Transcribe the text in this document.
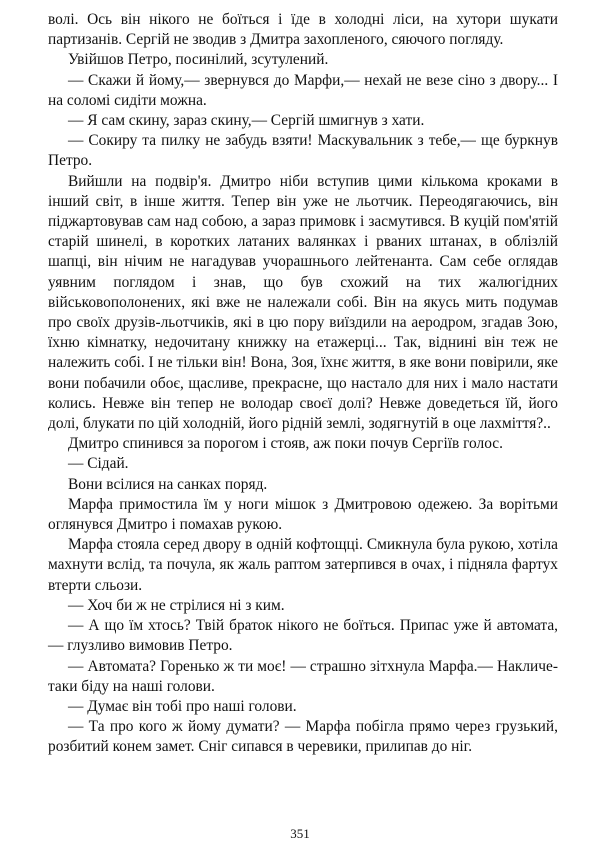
волі. Ось він нікого не боїться і їде в холодні ліси, на хутори шукати партизанів. Сергій не зводив з Дмитра захопленого, сяючого погляду.

Увійшов Петро, посинілий, зсутулений.

— Скажи й йому,— звернувся до Марфи,— нехай не везе сіно з двору... І на соломі сидіти можна.

— Я сам скину, зараз скину,— Сергій шмигнув з хати.

— Сокиру та пилку не забудь взяти! Маскувальник з тебе,— ще буркнув Петро.

Вийшли на подвір'я. Дмитро ніби вступив цими кількома кроками в інший світ, в інше життя. Тепер він уже не льотчик. Переодягаючись, він піджартовував сам над собою, а зараз примовк і засмутився. В куцій пом'ятій старій шинелі, в коротких латаних валянках і рваних штанах, в облізлій шапці, він нічим не нагадував учорашнього лейтенанта. Сам себе оглядав уявним поглядом і знав, що був схожий на тих жалюгідних військовополонених, які вже не належали собі. Він на якусь мить подумав про своїх друзів-льотчиків, які в цю пору виїздили на аеродром, згадав Зою, їхню кімнатку, недочитану книжку на етажерці... Так, віднині він теж не належить собі. І не тільки він! Вона, Зоя, їхнє життя, в яке вони повірили, яке вони побачили обоє, щасливе, прекрасне, що настало для них і мало настати колись. Невже він тепер не володар своєї долі? Невже доведеться їй, його долі, блукати по цій холодній, його рідній землі, зодягнутій в оце лахміття?..

Дмитро спинився за порогом і стояв, аж поки почув Сергіїв голос.

— Сідай.

Вони всілися на санках поряд.

Марфа примостила їм у ноги мішок з Дмитровою одежею. За ворітьми оглянувся Дмитро і помахав рукою.

Марфа стояла серед двору в одній кофтощці. Смикнула була рукою, хотіла махнути вслід, та почула, як жаль раптом затерпився в очах, і підняла фартух втерти сльози.

— Хоч би ж не стрілися ні з ким.

— А що їм хтось? Твій браток нікого не боїться. Припас уже й автомата,— глузливо вимовив Петро.

— Автомата? Горенько ж ти моє! — страшно зітхнула Марфа.— Накличе-таки біду на наші голови.

— Думає він тобі про наші голови.

— Та про кого ж йому думати? — Марфа побігла прямо через грузький, розбитий конем замет. Сніг сипався в черевики, прилипав до ніг.

351
